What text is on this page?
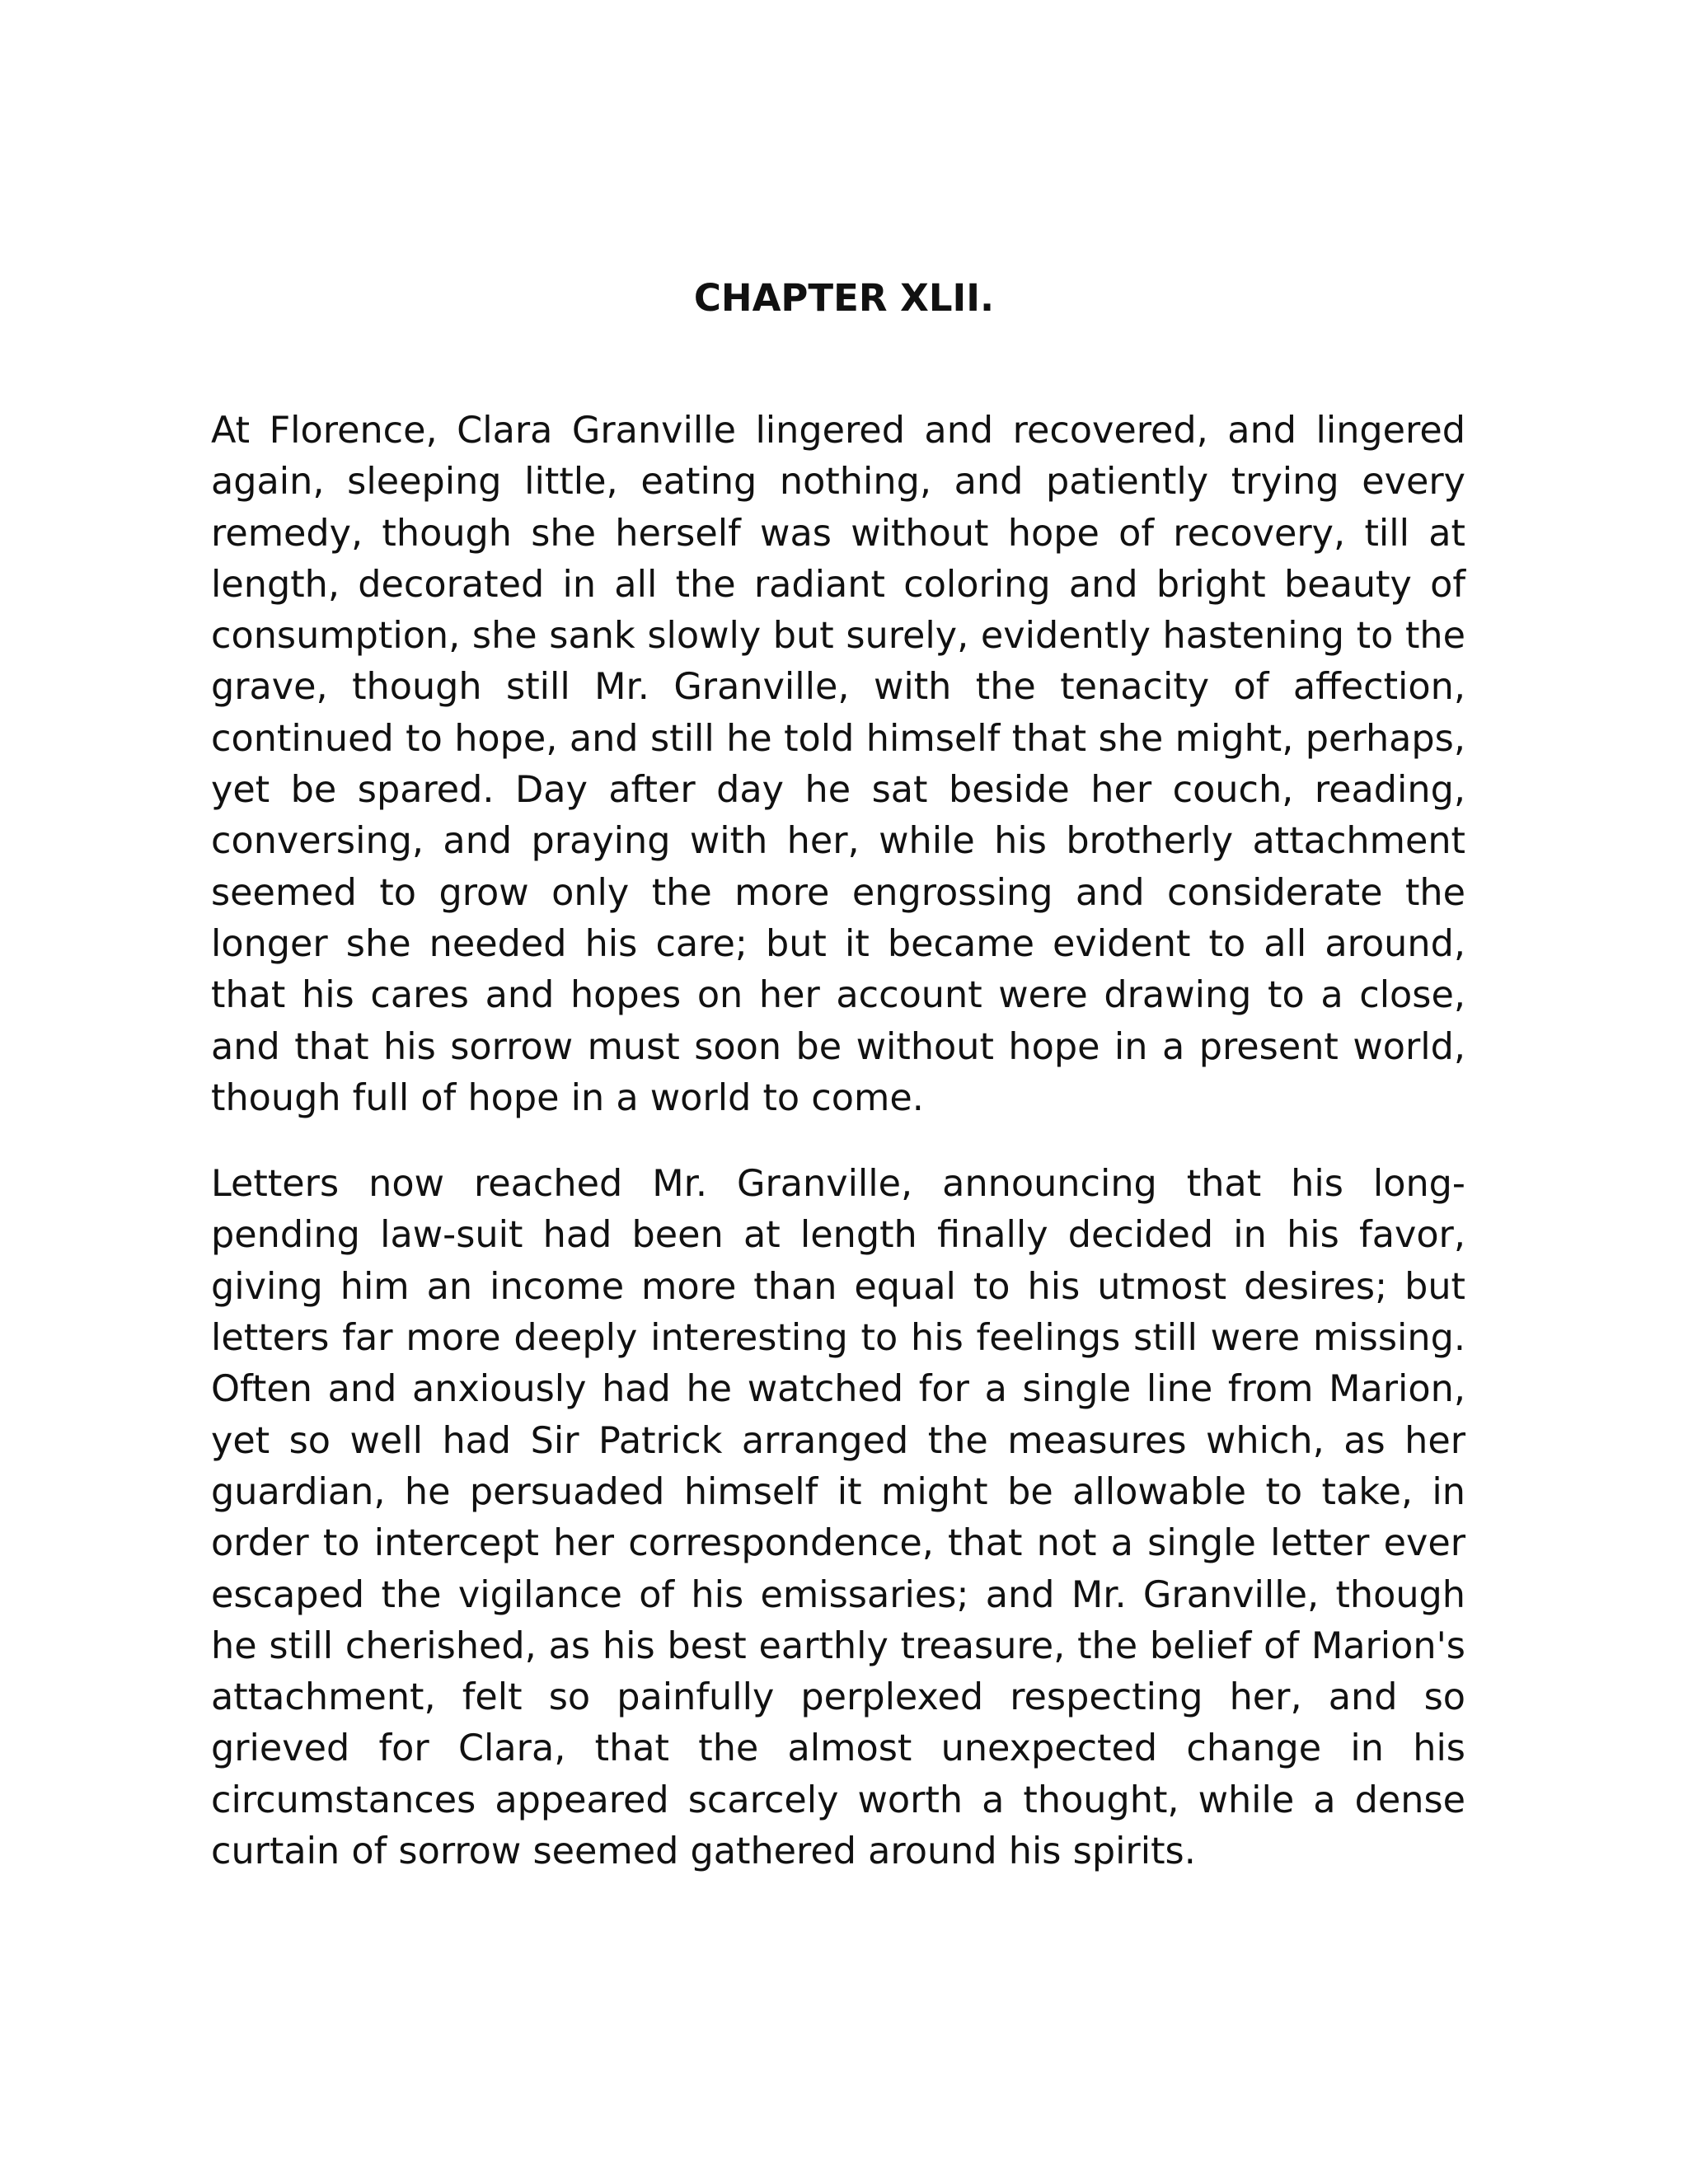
CHAPTER XLII.

At Florence, Clara Granville lingered and recovered, and lingered again, sleeping little, eating nothing, and patiently trying every remedy, though she herself was without hope of recovery, till at length, decorated in all the radiant coloring and bright beauty of consumption, she sank slowly but surely, evidently hastening to the grave, though still Mr. Granville, with the tenacity of affection, continued to hope, and still he told himself that she might, perhaps, yet be spared. Day after day he sat beside her couch, reading, conversing, and praying with her, while his brotherly attachment seemed to grow only the more engrossing and considerate the longer she needed his care; but it became evident to all around, that his cares and hopes on her account were drawing to a close, and that his sorrow must soon be without hope in a present world, though full of hope in a world to come.

Letters now reached Mr. Granville, announcing that his long-pending law-suit had been at length finally decided in his favor, giving him an income more than equal to his utmost desires; but letters far more deeply interesting to his feelings still were missing. Often and anxiously had he watched for a single line from Marion, yet so well had Sir Patrick arranged the measures which, as her guardian, he persuaded himself it might be allowable to take, in order to intercept her correspondence, that not a single letter ever escaped the vigilance of his emissaries; and Mr. Granville, though he still cherished, as his best earthly treasure, the belief of Marion's attachment, felt so painfully perplexed respecting her, and so grieved for Clara, that the almost unexpected change in his circumstances appeared scarcely worth a thought, while a dense curtain of sorrow seemed gathered around his spirits.
